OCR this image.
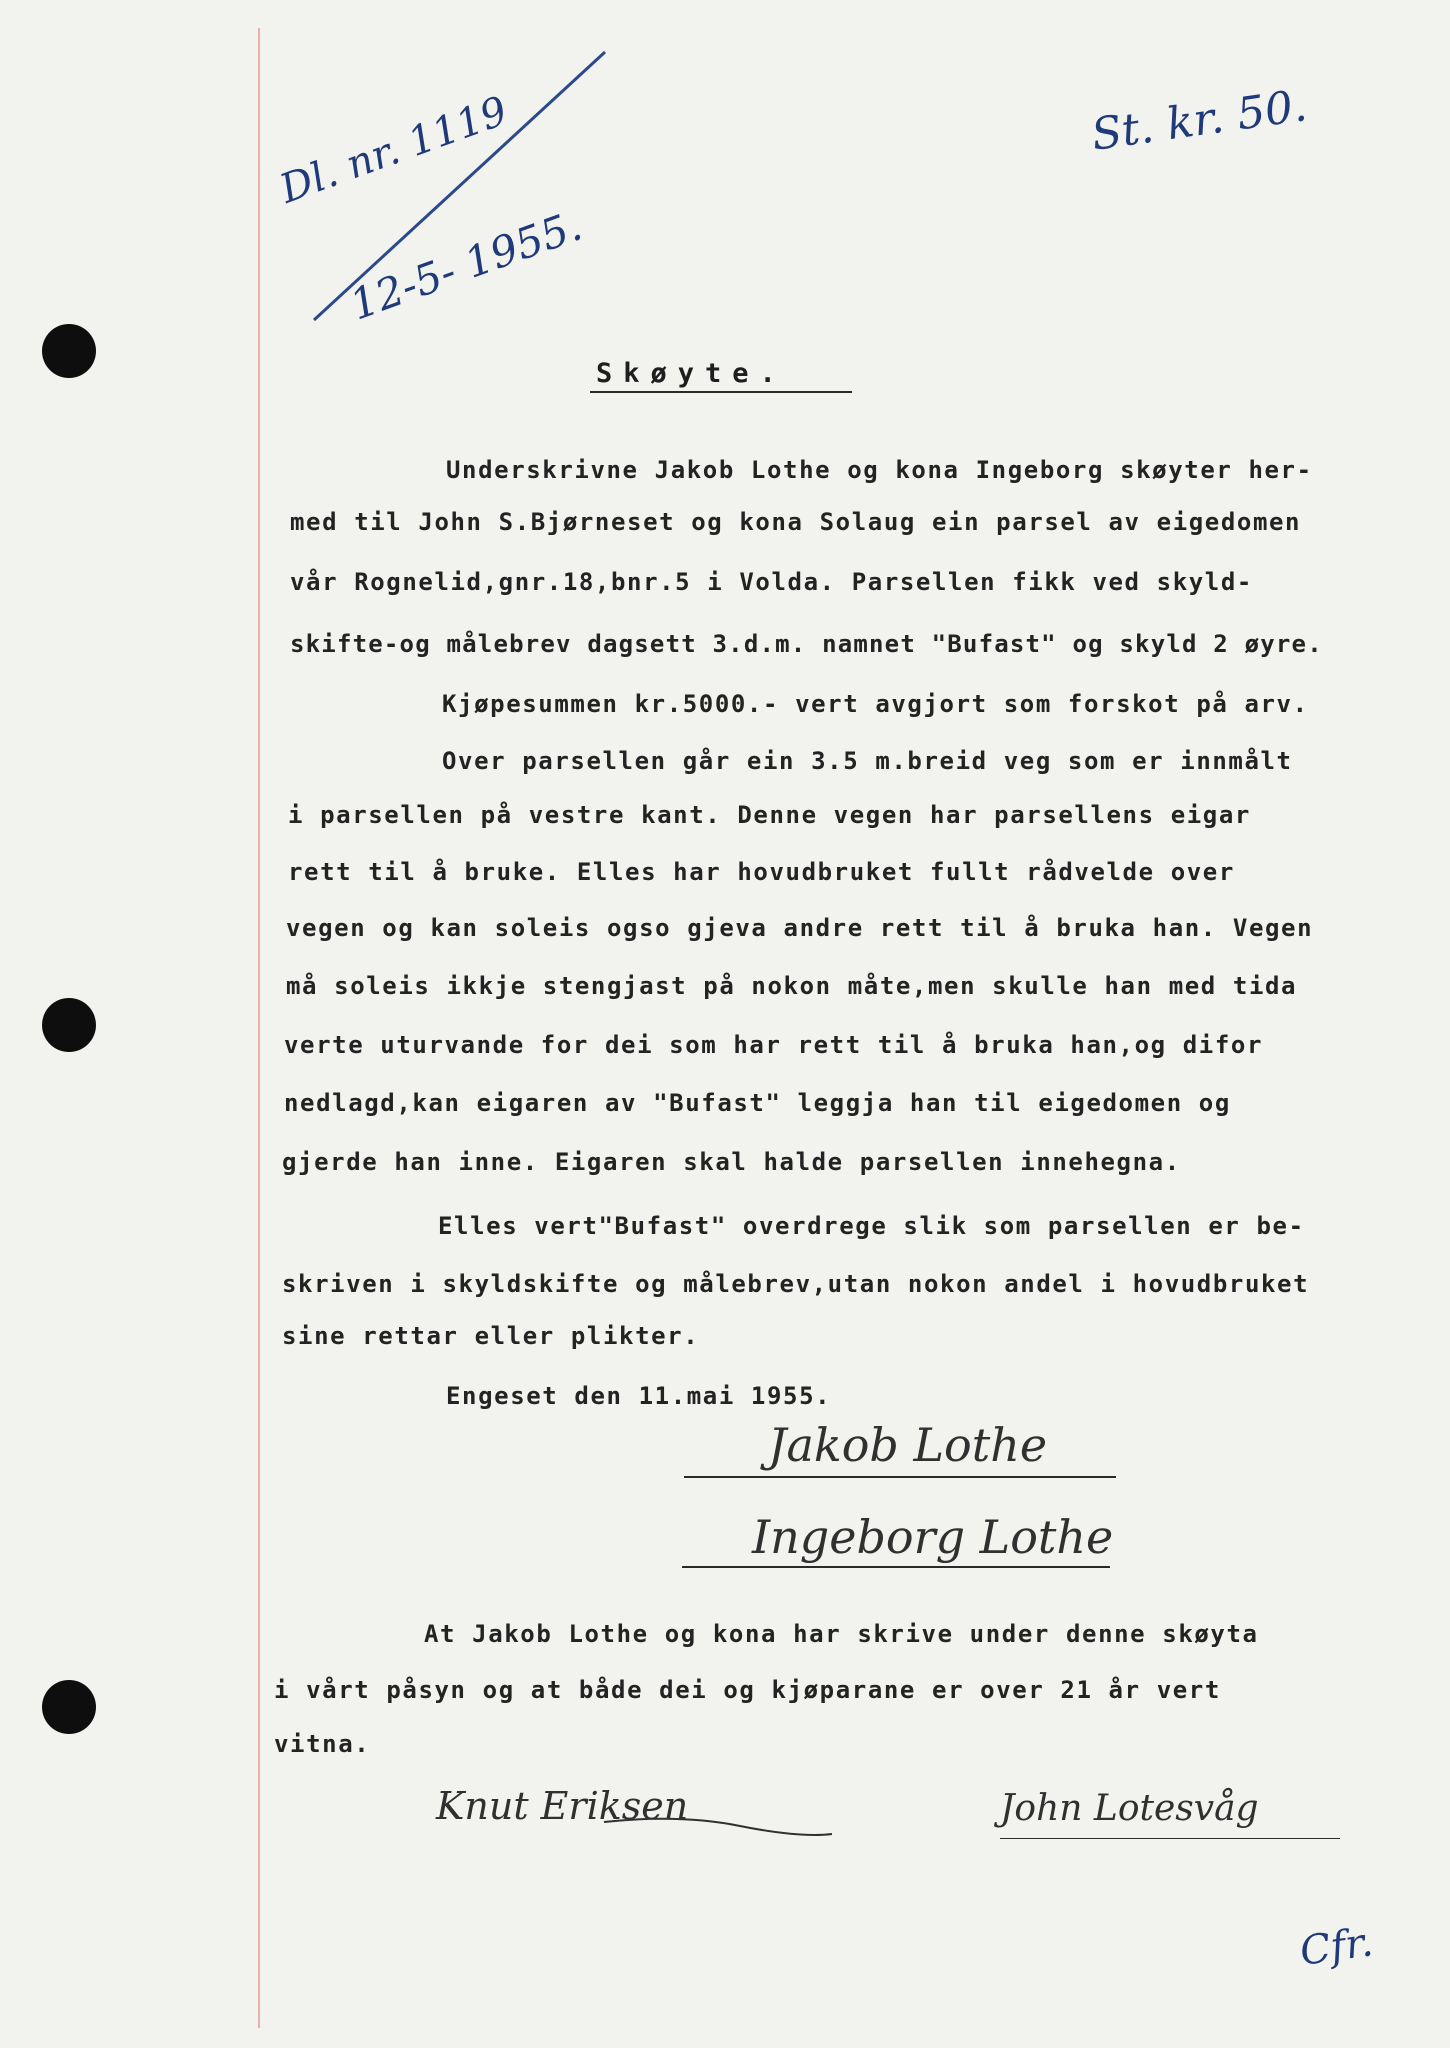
Dl. nr. 1119
12-5- 1955.
St. kr. 50.
Skøyte.
Underskrivne Jakob Lothe og kona Ingeborg skøyter her-
med til John S.Bjørneset og kona Solaug ein parsel av eigedomen
vår Rognelid,gnr.18,bnr.5 i Volda. Parsellen fikk ved skyld-
skifte-og målebrev dagsett 3.d.m. namnet "Bufast" og skyld 2 øyre.
Kjøpesummen kr.5000.- vert avgjort som forskot på arv.
Over parsellen går ein 3.5 m.breid veg som er innmålt
i parsellen på vestre kant. Denne vegen har parsellens eigar
rett til å bruke. Elles har hovudbruket fullt rådvelde over
vegen og kan soleis ogso gjeva andre rett til å bruka han. Vegen
må soleis ikkje stengjast på nokon måte,men skulle han med tida
verte uturvande for dei som har rett til å bruka han,og difor
nedlagd,kan eigaren av "Bufast" leggja han til eigedomen og
gjerde han inne. Eigaren skal halde parsellen innehegna.
Elles vert"Bufast" overdrege slik som parsellen er be-
skriven i skyldskifte og målebrev,utan nokon andel i hovudbruket
sine rettar eller plikter.
Engeset den 11.mai 1955.
Jakob Lothe
Ingeborg Lothe
At Jakob Lothe og kona har skrive under denne skøyta
i vårt påsyn og at både dei og kjøparane er over 21 år vert
vitna.
Knut Eriksen	John Lotesvåg
Cfr.
